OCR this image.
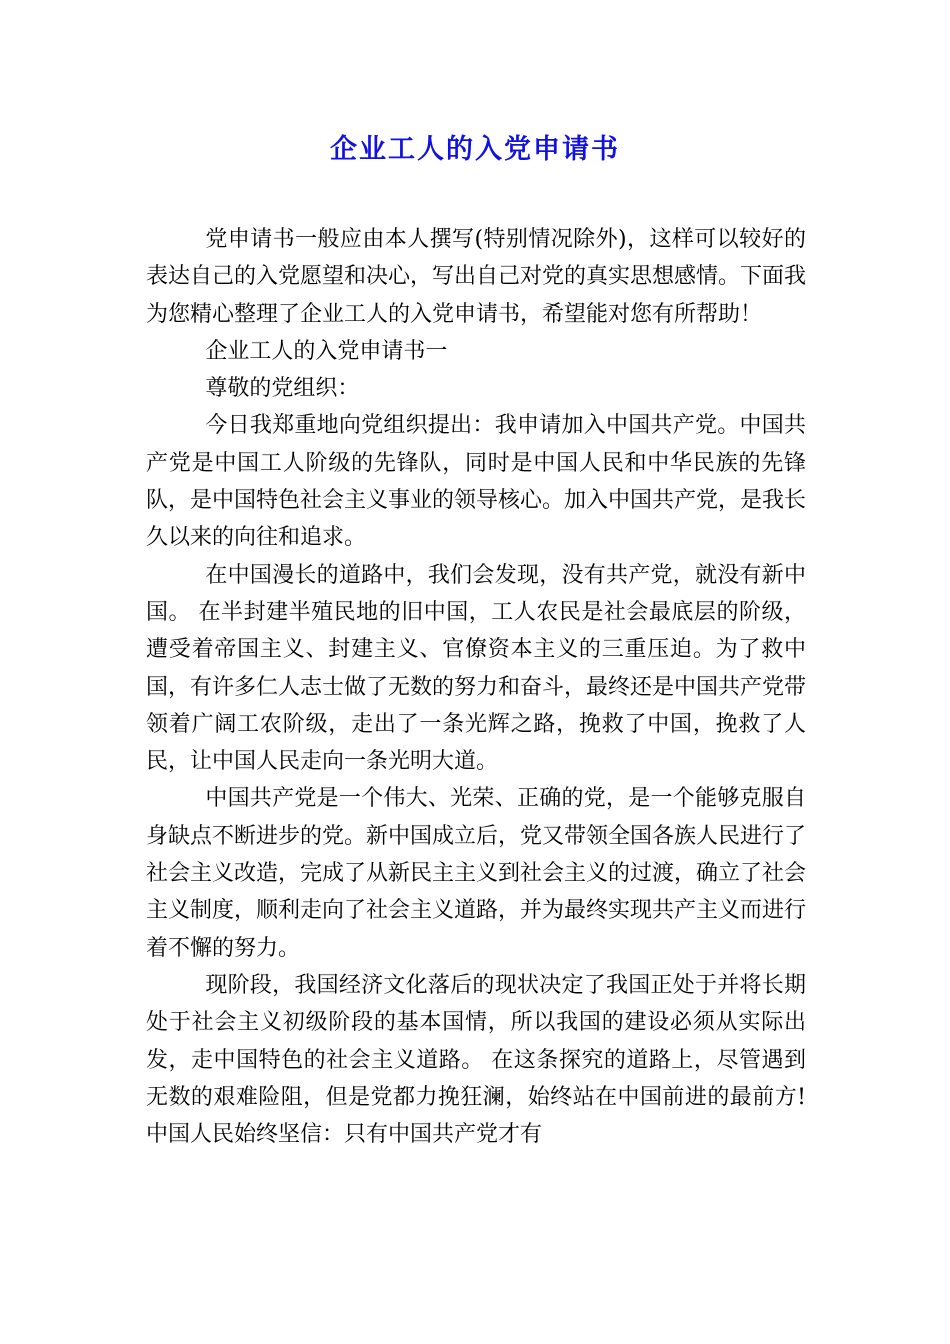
企业工人的入党申请书

党申请书一般应由本人撰写(特别情况除外)，这样可以较好的表达自己的入党愿望和决心，写出自己对党的真实思想感情。下面我为您精心整理了企业工人的入党申请书，希望能对您有所帮助！

企业工人的入党申请书一

尊敬的党组织：

今日我郑重地向党组织提出：我申请加入中国共产党。中国共产党是中国工人阶级的先锋队，同时是中国人民和中华民族的先锋队，是中国特色社会主义事业的领导核心。加入中国共产党，是我长久以来的向往和追求。

在中国漫长的道路中，我们会发现，没有共产党，就没有新中国。 在半封建半殖民地的旧中国，工人农民是社会最底层的阶级，遭受着帝国主义、封建主义、官僚资本主义的三重压迫。为了救中国，有许多仁人志士做了无数的努力和奋斗，最终还是中国共产党带领着广阔工农阶级，走出了一条光辉之路，挽救了中国，挽救了人民，让中国人民走向一条光明大道。

中国共产党是一个伟大、光荣、正确的党，是一个能够克服自身缺点不断进步的党。新中国成立后，党又带领全国各族人民进行了社会主义改造，完成了从新民主主义到社会主义的过渡，确立了社会主义制度，顺利走向了社会主义道路，并为最终实现共产主义而进行着不懈的努力。

现阶段，我国经济文化落后的现状决定了我国正处于并将长期处于社会主义初级阶段的基本国情，所以我国的建设必须从实际出发，走中国特色的社会主义道路。 在这条探究的道路上，尽管遇到无数的艰难险阻，但是党都力挽狂澜，始终站在中国前进的最前方!中国人民始终坚信：只有中国共产党才有
